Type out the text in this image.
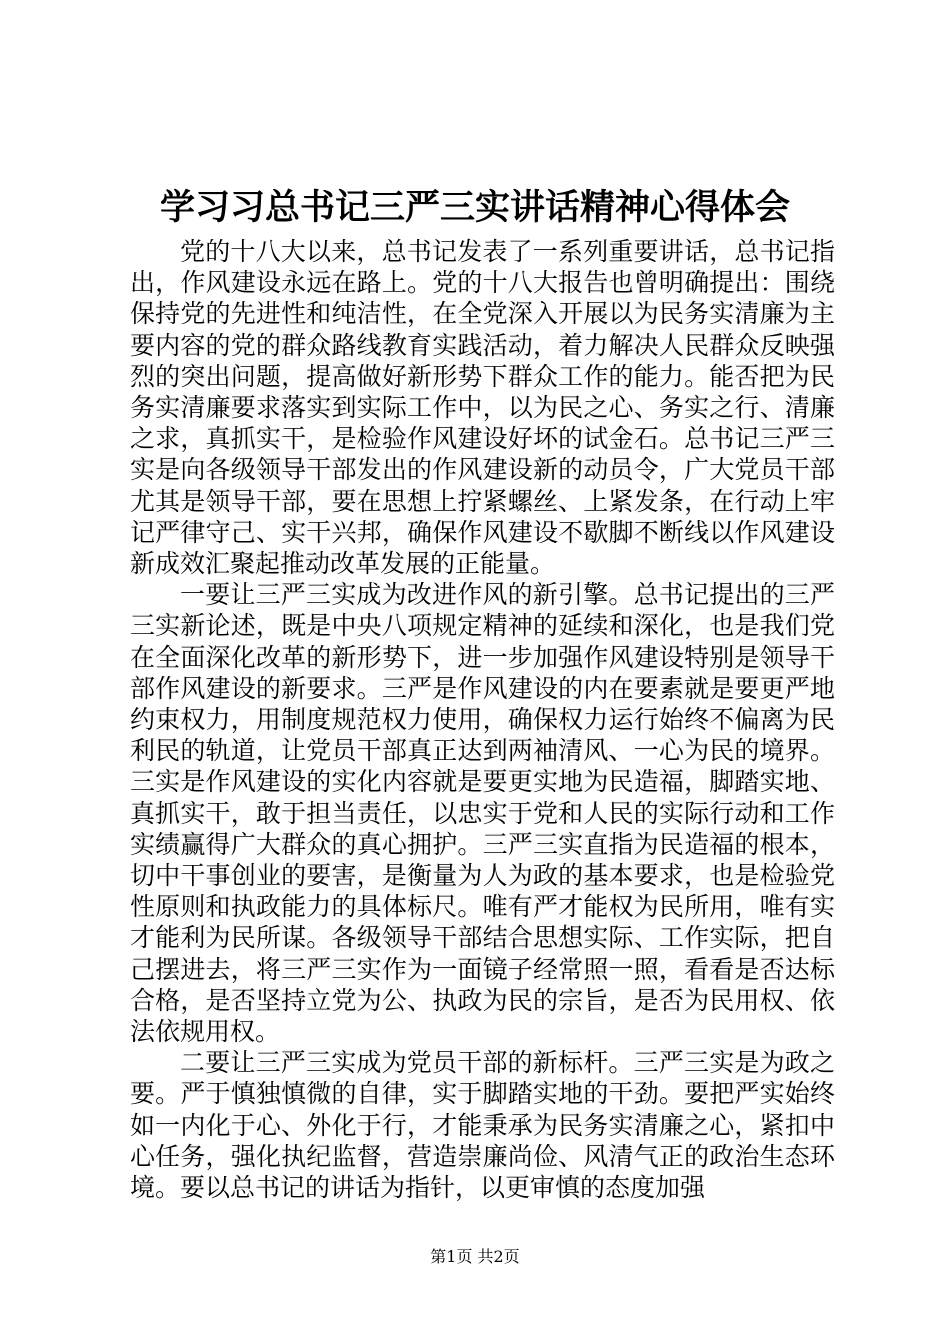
学习习总书记三严三实讲话精神心得体会

党的十八大以来，总书记发表了一系列重要讲话，总书记指出，作风建设永远在路上。党的十八大报告也曾明确提出：围绕保持党的先进性和纯洁性，在全党深入开展以为民务实清廉为主要内容的党的群众路线教育实践活动，着力解决人民群众反映强烈的突出问题，提高做好新形势下群众工作的能力。能否把为民务实清廉要求落实到实际工作中，以为民之心、务实之行、清廉之求，真抓实干，是检验作风建设好坏的试金石。总书记三严三实是向各级领导干部发出的作风建设新的动员令，广大党员干部尤其是领导干部，要在思想上拧紧螺丝、上紧发条，在行动上牢记严律守己、实干兴邦，确保作风建设不歇脚不断线以作风建设新成效汇聚起推动改革发展的正能量。

一要让三严三实成为改进作风的新引擎。总书记提出的三严三实新论述，既是中央八项规定精神的延续和深化，也是我们党在全面深化改革的新形势下，进一步加强作风建设特别是领导干部作风建设的新要求。三严是作风建设的内在要素就是要更严地约束权力，用制度规范权力使用，确保权力运行始终不偏离为民利民的轨道，让党员干部真正达到两袖清风、一心为民的境界。三实是作风建设的实化内容就是要更实地为民造福，脚踏实地、真抓实干，敢于担当责任，以忠实于党和人民的实际行动和工作实绩赢得广大群众的真心拥护。三严三实直指为民造福的根本，切中干事创业的要害，是衡量为人为政的基本要求，也是检验党性原则和执政能力的具体标尺。唯有严才能权为民所用，唯有实才能利为民所谋。各级领导干部结合思想实际、工作实际，把自己摆进去，将三严三实作为一面镜子经常照一照，看看是否达标合格，是否坚持立党为公、执政为民的宗旨，是否为民用权、依法依规用权。

二要让三严三实成为党员干部的新标杆。三严三实是为政之要。严于慎独慎微的自律，实于脚踏实地的干劲。要把严实始终如一内化于心、外化于行，才能秉承为民务实清廉之心，紧扣中心任务，强化执纪监督，营造崇廉尚俭、风清气正的政治生态环境。要以总书记的讲话为指针，以更审慎的态度加强

第1页 共2页
